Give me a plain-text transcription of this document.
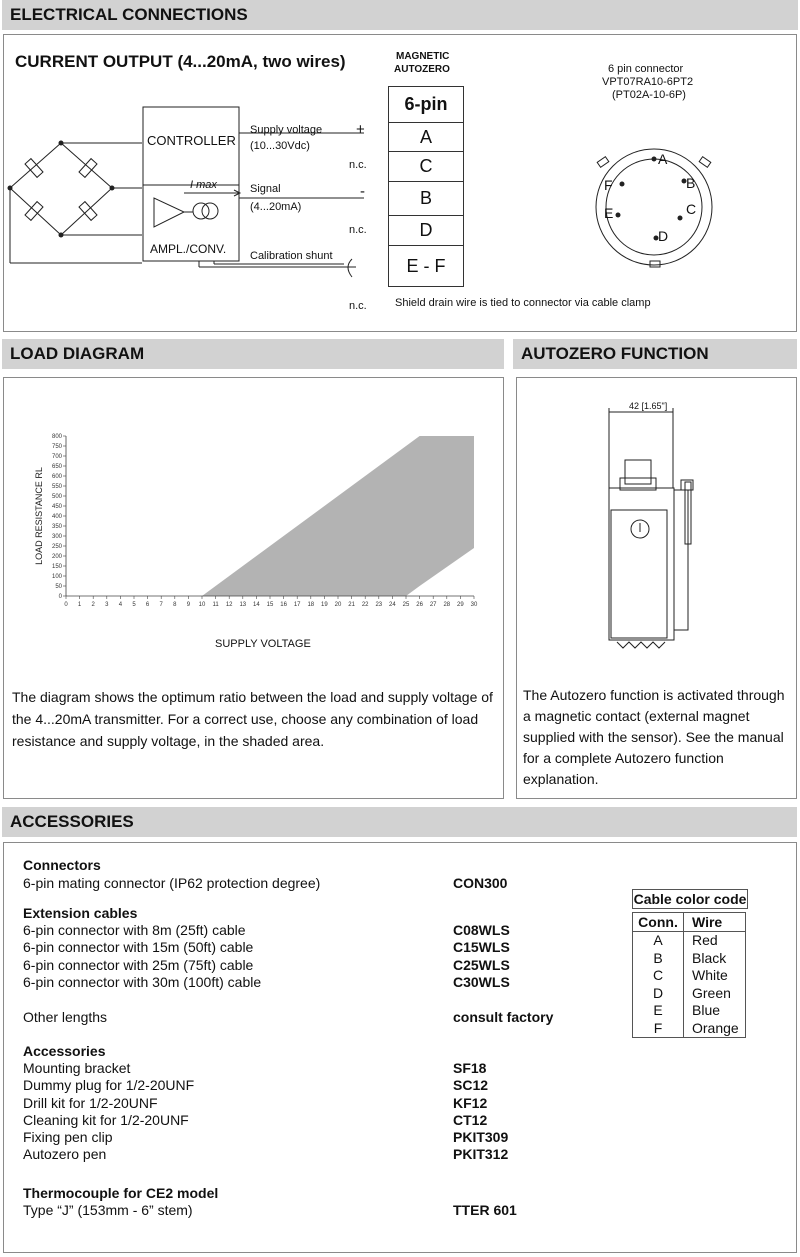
ELECTRICAL CONNECTIONS
CURRENT OUTPUT (4...20mA, two wires)
CONTROLLER
AMPL./CONV.
I max
Supply voltage
(10...30Vdc)
+
n.c.
Signal
(4...20mA)
-
n.c.
Calibration shunt
n.c.
MAGNETIC
AUTOZERO
6-pin
A
C
B
D
E - F
Shield drain wire is tied to connector via cable clamp
6 pin connector
VPT07RA10-6PT2
(PT02A-10-6P)
A
B
C
D
E
F
LOAD DIAGRAM
0 1 2 3 4 5 6 7 8 9 10 11 12 13 14 15 16 17 18 19 20 21 22 23 24 25 26 27 28 29 30
0
50
100
150
200
250
300
350
400
450
500
550
600
650
700
750
800
LOAD RESISTANCE RL
SUPPLY VOLTAGE
The diagram shows the optimum ratio between the load and supply voltage of the 4...20mA transmitter. For a correct use, choose any combination of load resistance and supply voltage, in the shaded area.
AUTOZERO FUNCTION
42 [1.65"]
The Autozero function is activated through a magnetic contact (external magnet supplied with the sensor). See the manual for a complete Autozero function explanation.
ACCESSORIES
Connectors
6-pin mating connector (IP62 protection degree)	CON300
Extension cables
6-pin connector with 8m (25ft) cable	C08WLS
6-pin connector with 15m (50ft) cable	C15WLS
6-pin connector with 25m (75ft) cable	C25WLS
6-pin connector with 30m (100ft) cable	C30WLS
Other lengths	consult factory
Accessories
Mounting bracket	SF18
Dummy plug for 1/2-20UNF	SC12
Drill kit for 1/2-20UNF	KF12
Cleaning kit for 1/2-20UNF	CT12
Fixing pen clip	PKIT309
Autozero pen	PKIT312
Thermocouple for CE2 model
Type “J” (153mm - 6” stem)	TTER 601
Cable color code
Conn.	Wire
A	Red
B	Black
C	White
D	Green
E	Blue
F	Orange
